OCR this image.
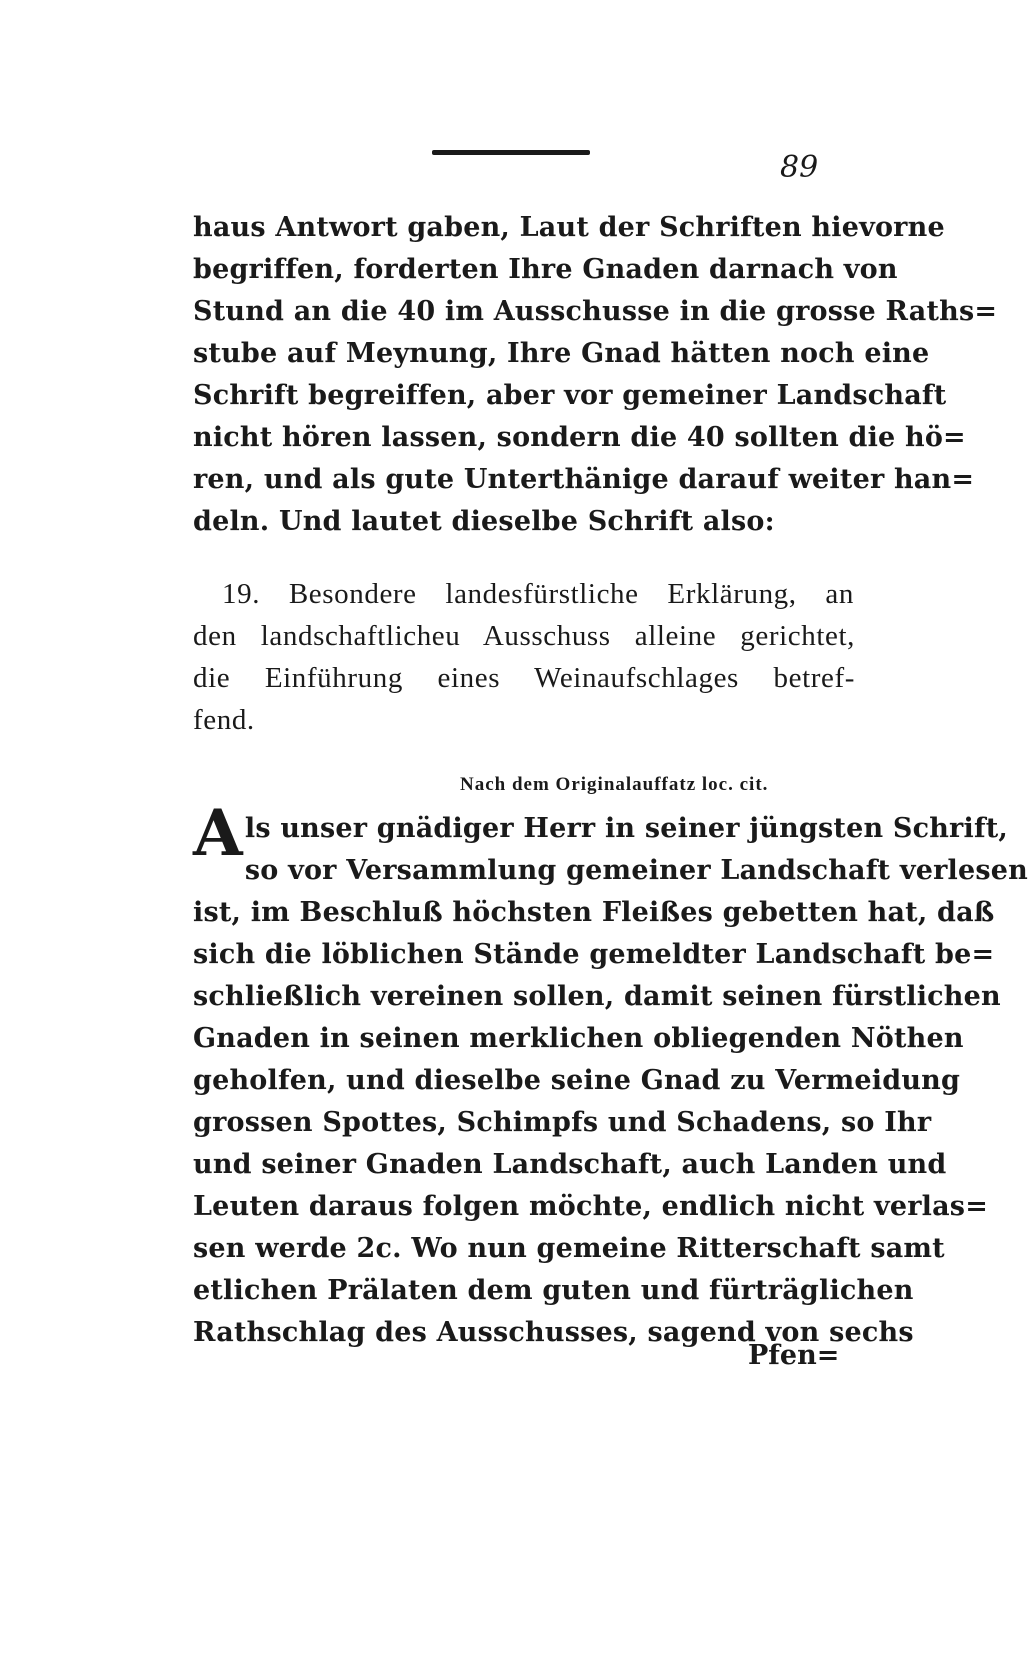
89
haus Antwort gaben, Laut der Schriften hievorne
begriffen, forderten Ihre Gnaden darnach von
Stund an die 40 im Ausschusse in die grosse Raths=
stube auf Meynung, Ihre Gnad hätten noch eine
Schrift begreiffen, aber vor gemeiner Landschaft
nicht hören lassen, sondern die 40 sollten die hö=
ren, und als gute Unterthänige darauf weiter han=
deln. Und lautet dieselbe Schrift also:
19. Besondere landesfürstliche Erklärung, an
den landschaftlicheu Ausschuss alleine gerichtet,
die Einführung eines Weinaufschlages betref-
fend.
Nach dem Originalauffatz loc. cit.
A ls unser gnädiger Herr in seiner jüngsten Schrift,
so vor Versammlung gemeiner Landschaft verlesen
ist, im Beschluß höchsten Fleißes gebetten hat, daß
sich die löblichen Stände gemeldter Landschaft be=
schließlich vereinen sollen, damit seinen fürstlichen
Gnaden in seinen merklichen obliegenden Nöthen
geholfen, und dieselbe seine Gnad zu Vermeidung
grossen Spottes, Schimpfs und Schadens, so Ihr
und seiner Gnaden Landschaft, auch Landen und
Leuten daraus folgen möchte, endlich nicht verlas=
sen werde 2c. Wo nun gemeine Ritterschaft samt
etlichen Prälaten dem guten und fürträglichen
Rathschlag des Ausschusses, sagend von sechs
Pfen=
